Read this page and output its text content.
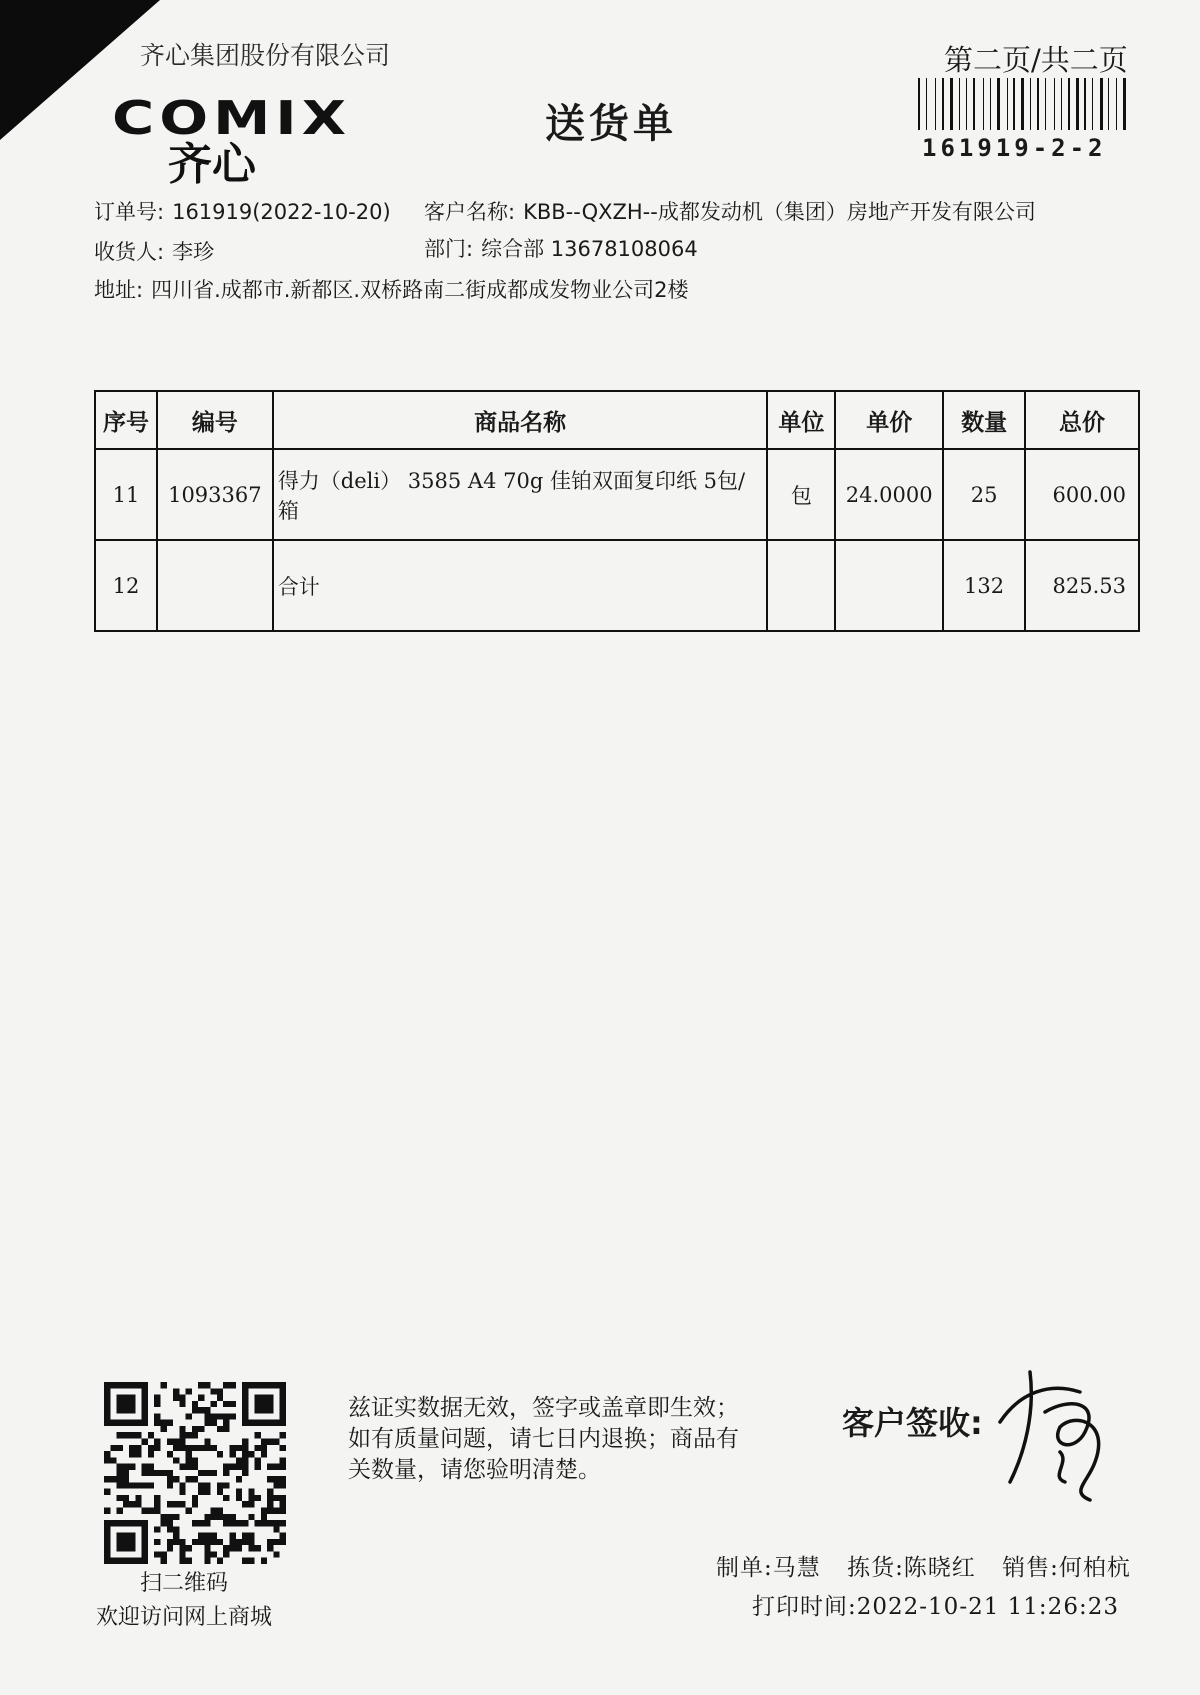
齐心集团股份有限公司
COMIX
齐心
送货单
第二页/共二页
161919-2-2
订单号: 161919(2022-10-20) 客户名称: KBB--QXZH--成都发动机（集团）房地产开发有限公司
收货人: 李珍	部门: 综合部 13678108064
地址: 四川省.成都市.新都区.双桥路南二街成都成发物业公司2楼
序号	编号	商品名称	单位	单价	数量	总价
11	1093367	得力（deli） 3585 A4 70g 佳铂双面复印纸 5包/箱	包	24.0000	25	600.00
12		合计			132	825.53
扫二维码
欢迎访问网上商城
兹证实数据无效，签字或盖章即生效；如有质量问题，请七日内退换；商品有关数量，请您验明清楚。
客户签收:
制单:马慧 拣货:陈晓红 销售:何柏杭
打印时间:2022-10-21 11:26:23
